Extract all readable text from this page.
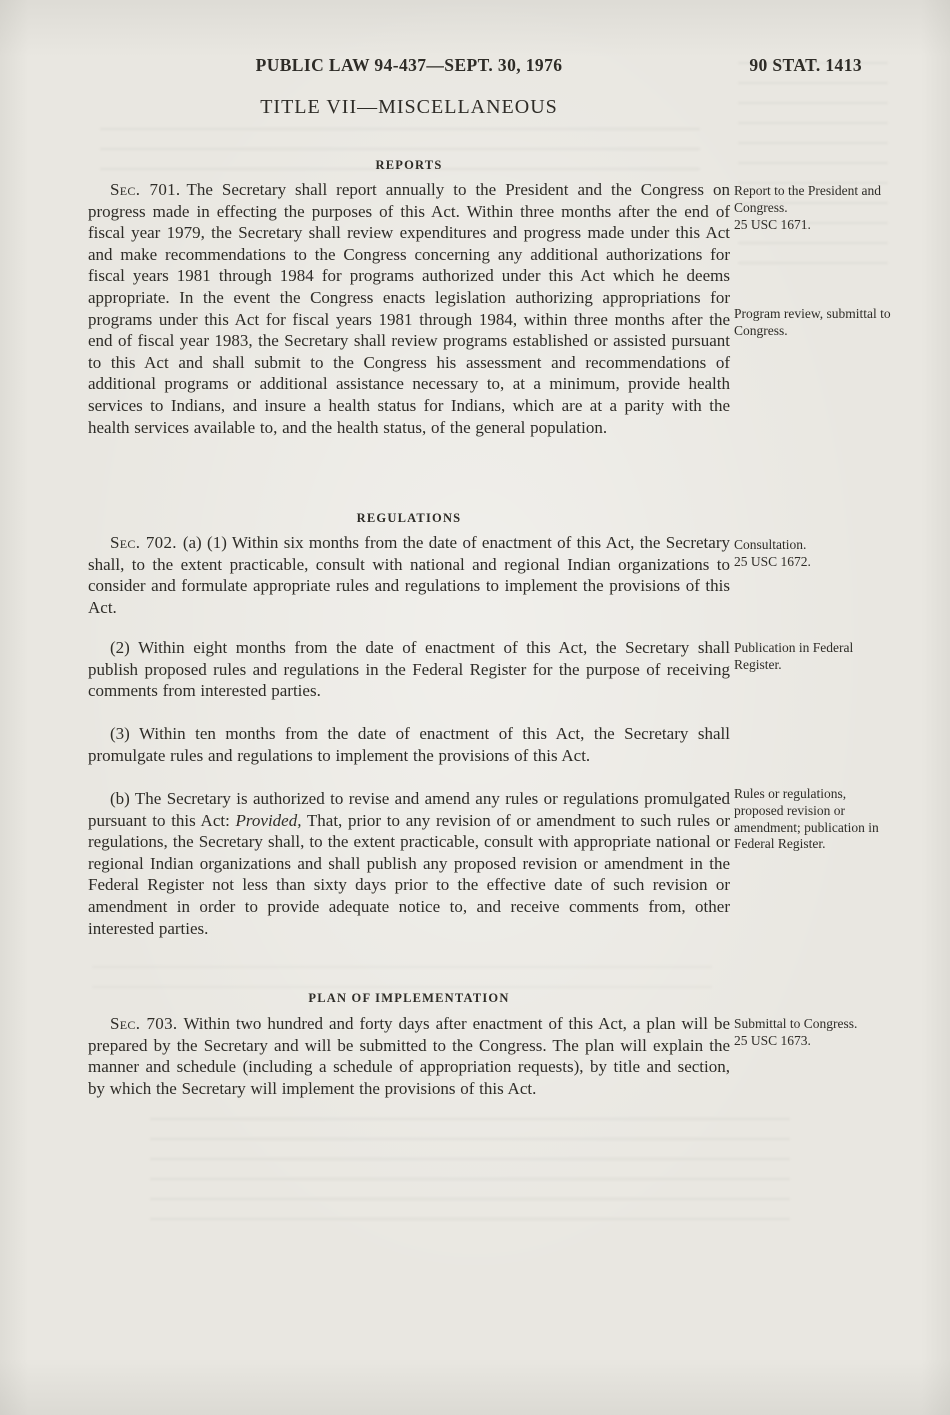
PUBLIC LAW 94-437—SEPT. 30, 1976	90 STAT. 1413
TITLE VII—MISCELLANEOUS
REPORTS

Sec. 701. The Secretary shall report annually to the President and the Congress on progress made in effecting the purposes of this Act. Within three months after the end of fiscal year 1979, the Secretary shall review expenditures and progress made under this Act and make recommendations to the Congress concerning any additional authorizations for fiscal years 1981 through 1984 for programs authorized under this Act which he deems appropriate. In the event the Congress enacts legislation authorizing appropriations for programs under this Act for fiscal years 1981 through 1984, within three months after the end of fiscal year 1983, the Secretary shall review programs established or assisted pursuant to this Act and shall submit to the Congress his assessment and recommendations of additional programs or additional assistance necessary to, at a minimum, provide health services to Indians, and insure a health status for Indians, which are at a parity with the health services available to, and the health status, of the general population.

REGULATIONS

Sec. 702. (a) (1) Within six months from the date of enactment of this Act, the Secretary shall, to the extent practicable, consult with national and regional Indian organizations to consider and formulate appropriate rules and regulations to implement the provisions of this Act.

(2) Within eight months from the date of enactment of this Act, the Secretary shall publish proposed rules and regulations in the Federal Register for the purpose of receiving comments from interested parties.

(3) Within ten months from the date of enactment of this Act, the Secretary shall promulgate rules and regulations to implement the provisions of this Act.

(b) The Secretary is authorized to revise and amend any rules or regulations promulgated pursuant to this Act: Provided, That, prior to any revision of or amendment to such rules or regulations, the Secretary shall, to the extent practicable, consult with appropriate national or regional Indian organizations and shall publish any proposed revision or amendment in the Federal Register not less than sixty days prior to the effective date of such revision or amendment in order to provide adequate notice to, and receive comments from, other interested parties.

PLAN OF IMPLEMENTATION

Sec. 703. Within two hundred and forty days after enactment of this Act, a plan will be prepared by the Secretary and will be submitted to the Congress. The plan will explain the manner and schedule (including a schedule of appropriation requests), by title and section, by which the Secretary will implement the provisions of this Act.

Report to the President and Congress.
25 USC 1671.
Program review, submittal to Congress.
Consultation.
25 USC 1672.
Publication in Federal Register.
Rules or regulations, proposed revision or amendment; publication in Federal Register.
Submittal to Congress.
25 USC 1673.
